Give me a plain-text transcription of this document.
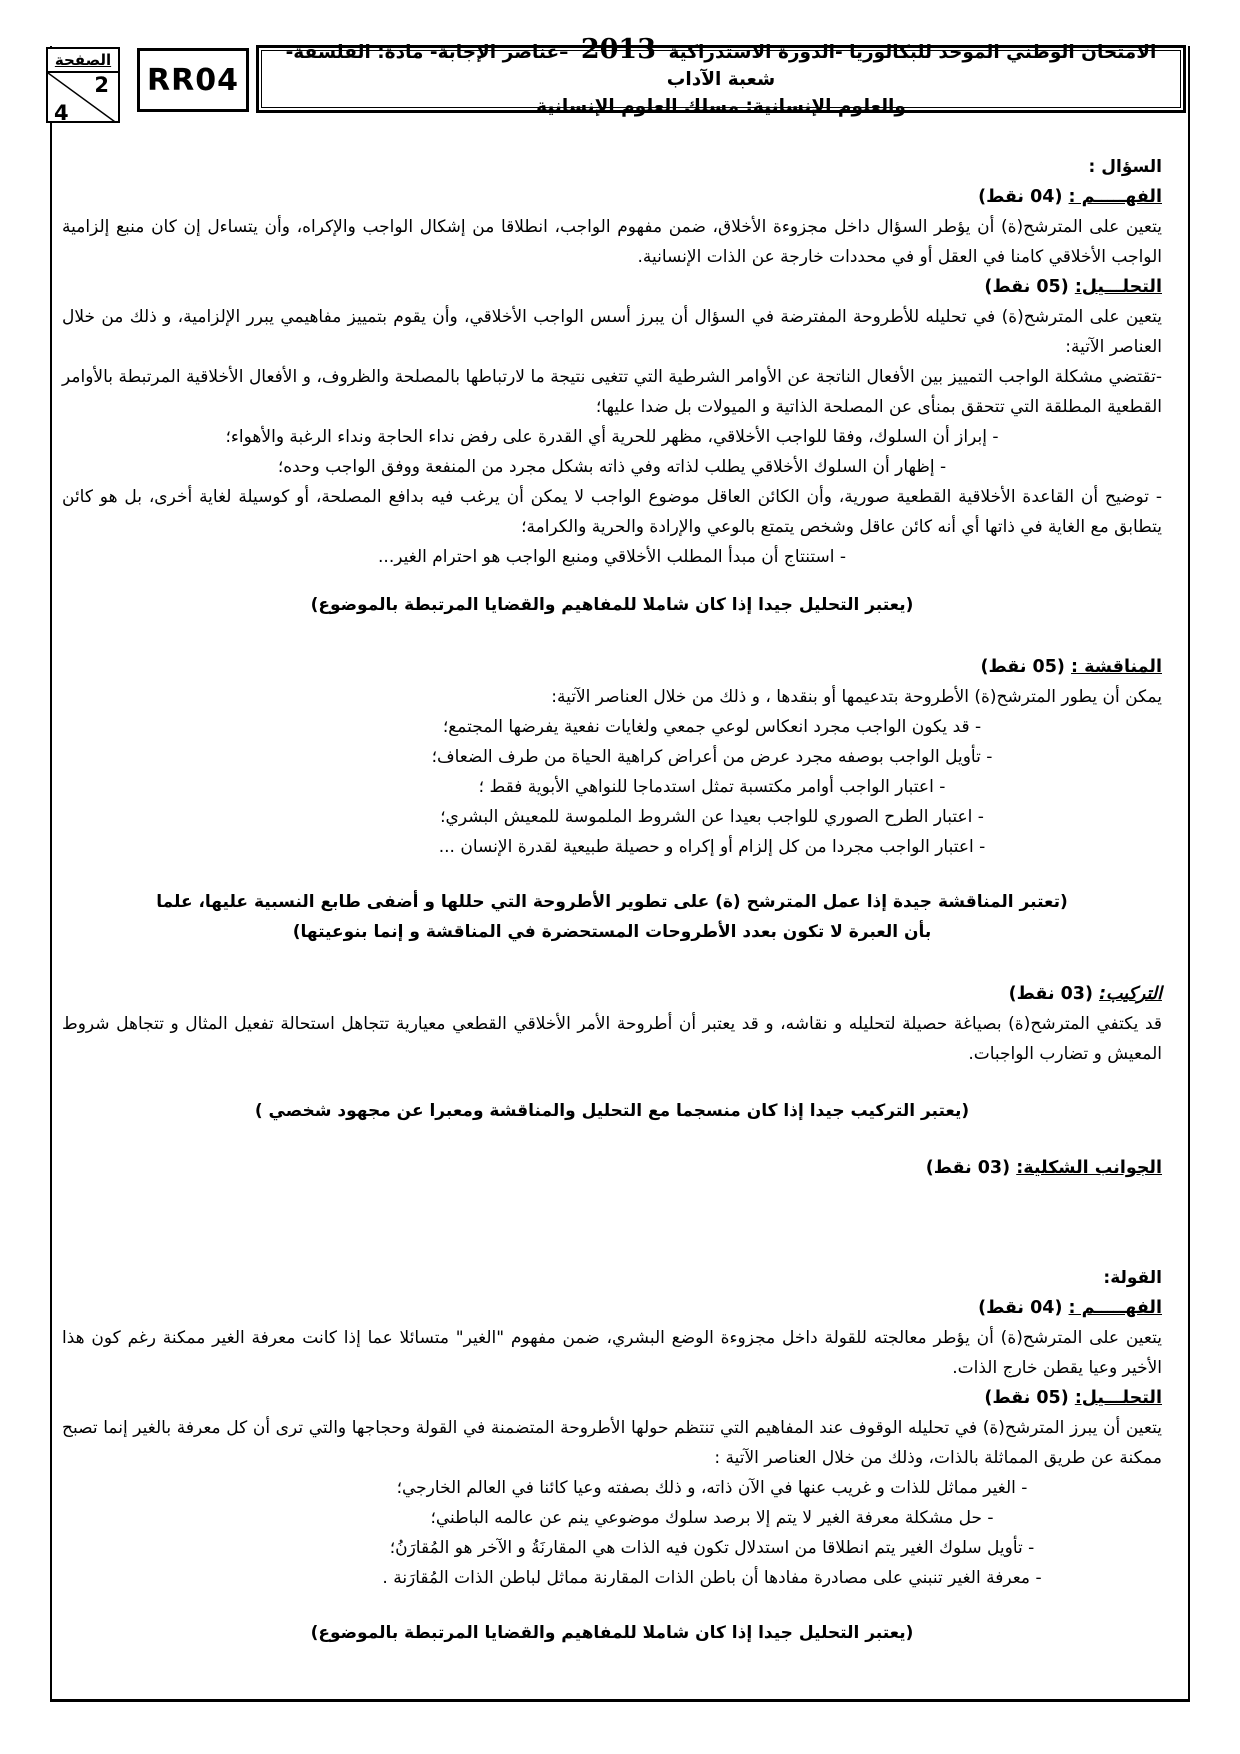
الصفحة
2
4
RR04
الامتحان الوطني الموحد للبكالوريا -الدورة الاستدراكية 2013 –عناصر الإجابة- مادة: الفلسفة- شعبة الآداب
والعلوم الإنسانية: مسلك العلوم الإنسانية
السؤال :
الفهـــــم : (04 نقط)
يتعين على المترشح(ة) أن يؤطر السؤال داخل مجزوءة الأخلاق، ضمن مفهوم الواجب، انطلاقا من إشكال الواجب والإكراه، وأن يتساءل إن كان منبع إلزامية الواجب الأخلاقي كامنا في العقل أو في محددات خارجة عن الذات الإنسانية.
التحلـــيل: (05 نقط)
يتعين على المترشح(ة) في تحليله للأطروحة المفترضة في السؤال أن يبرز أسس الواجب الأخلاقي، وأن يقوم بتمييز مفاهيمي يبرر الإلزامية، و ذلك من خلال العناصر الآتية:
-تقتضي مشكلة الواجب التمييز بين الأفعال الناتجة عن الأوامر الشرطية التي تتغيى نتيجة ما لارتباطها بالمصلحة والظروف، و الأفعال الأخلاقية المرتبطة بالأوامر القطعية المطلقة التي تتحقق بمنأى عن المصلحة الذاتية و الميولات بل ضدا عليها؛
- إبراز أن السلوك، وفقا للواجب الأخلاقي، مظهر للحرية أي القدرة على رفض نداء الحاجة ونداء الرغبة والأهواء؛
- إظهار أن السلوك الأخلاقي يطلب لذاته وفي ذاته بشكل مجرد من المنفعة ووفق الواجب وحده؛
- توضيح أن القاعدة الأخلاقية القطعية صورية، وأن الكائن العاقل موضوع الواجب لا يمكن أن يرغب فيه بدافع المصلحة، أو كوسيلة لغاية أخرى، بل هو كائن يتطابق مع الغاية في ذاتها أي أنه كائن عاقل وشخص يتمتع بالوعي والإرادة والحرية والكرامة؛
- استنتاج أن مبدأ المطلب الأخلاقي ومنبع الواجب هو احترام الغير...
(يعتبر التحليل جيدا إذا كان شاملا للمفاهيم والقضايا المرتبطة بالموضوع)
المناقشة : (05 نقط)
يمكن أن يطور المترشح(ة) الأطروحة بتدعيمها أو بنقدها ، و ذلك من خلال العناصر الآتية:
- قد يكون الواجب مجرد انعكاس لوعي جمعي ولغايات نفعية يفرضها المجتمع؛
- تأويل الواجب بوصفه مجرد عرض من أعراض كراهية الحياة من طرف الضعاف؛
- اعتبار الواجب أوامر مكتسبة تمثل استدماجا للنواهي الأبوية فقط ؛
- اعتبار الطرح الصوري للواجب بعيدا عن الشروط الملموسة للمعيش البشري؛
- اعتبار الواجب مجردا من كل إلزام أو إكراه و حصيلة طبيعية لقدرة الإنسان ...
(تعتبر المناقشة جيدة إذا عمل المترشح (ة) على تطوير الأطروحة التي حللها و أضفى طابع النسبية عليها، علما
بأن العبرة لا تكون بعدد الأطروحات المستحضرة في المناقشة و إنما بنوعيتها)
التركيب: (03 نقط)
قد يكتفي المترشح(ة) بصياغة حصيلة لتحليله و نقاشه، و قد يعتبر أن أطروحة الأمر الأخلاقي القطعي معيارية تتجاهل استحالة تفعيل المثال و تتجاهل شروط المعيش و تضارب الواجبات.
(يعتبر التركيب جيدا إذا كان منسجما مع التحليل والمناقشة ومعبرا عن مجهود شخصي )
الجوانب الشكلية: (03 نقط)
القولة:
الفهـــــم : (04 نقط)
يتعين على المترشح(ة) أن يؤطر معالجته للقولة داخل مجزوءة الوضع البشري، ضمن مفهوم "الغير" متسائلا عما إذا كانت معرفة الغير ممكنة رغم كون هذا الأخير وعيا يقطن خارج الذات.
التحلـــيل: (05 نقط)
يتعين أن يبرز المترشح(ة) في تحليله الوقوف عند المفاهيم التي تنتظم حولها الأطروحة المتضمنة في القولة وحجاجها والتي ترى أن كل معرفة بالغير إنما تصبح ممكنة عن طريق المماثلة بالذات، وذلك من خلال العناصر الآتية :
- الغير مماثل للذات و غريب عنها في الآن ذاته، و ذلك بصفته وعيا كائنا في العالم الخارجي؛
- حل مشكلة معرفة الغير لا يتم إلا برصد سلوك موضوعي ينم عن عالمه الباطني؛
- تأويل سلوك الغير يتم انطلاقا من استدلال تكون فيه الذات هي المقارنَةُ و الآخر هو المُقارَنُ؛
- معرفة الغير تنبني على مصادرة مفادها أن باطن الذات المقارنة مماثل لباطن الذات المُقارَنة .
(يعتبر التحليل جيدا إذا كان شاملا للمفاهيم والقضايا المرتبطة بالموضوع)
